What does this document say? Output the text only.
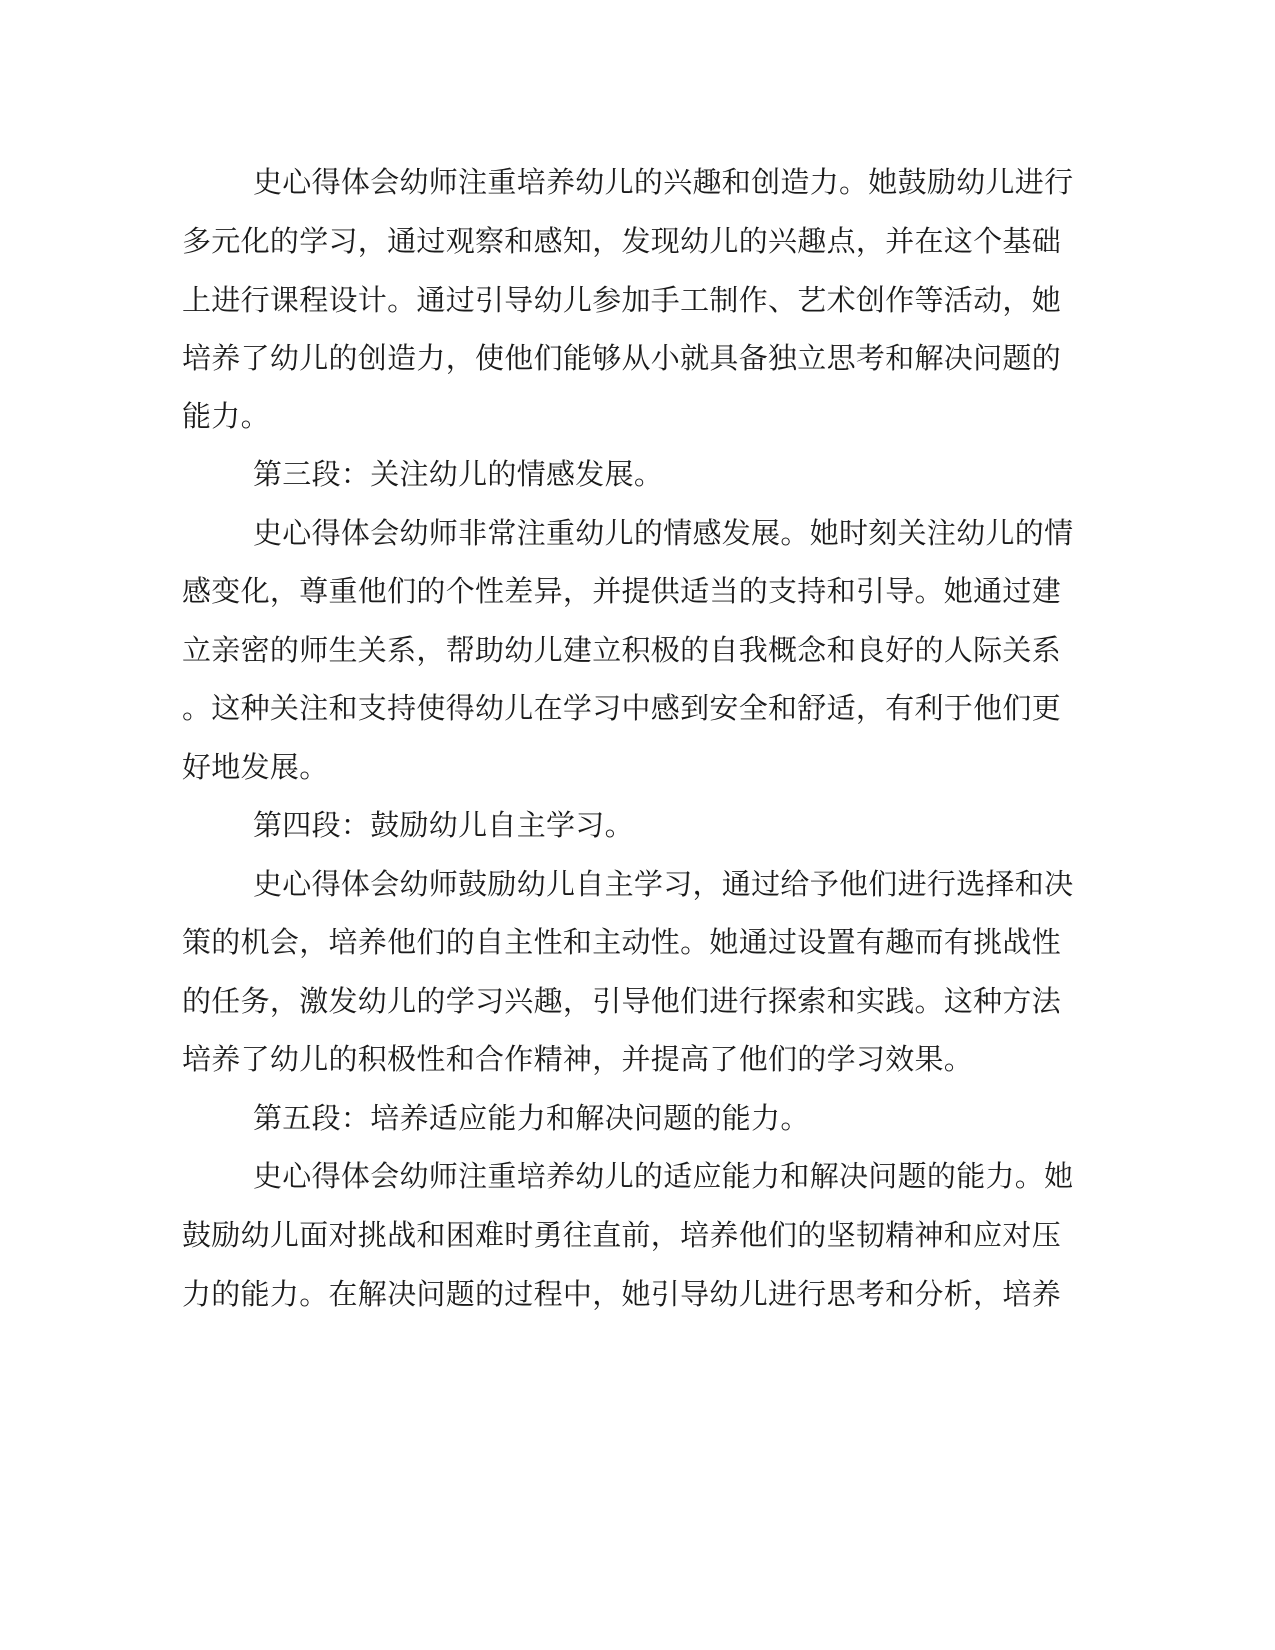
史心得体会幼师注重培养幼儿的兴趣和创造力。她鼓励幼儿进行
多元化的学习，通过观察和感知，发现幼儿的兴趣点，并在这个基础
上进行课程设计。通过引导幼儿参加手工制作、艺术创作等活动，她
培养了幼儿的创造力，使他们能够从小就具备独立思考和解决问题的
能力。
第三段：关注幼儿的情感发展。
史心得体会幼师非常注重幼儿的情感发展。她时刻关注幼儿的情
感变化，尊重他们的个性差异，并提供适当的支持和引导。她通过建
立亲密的师生关系，帮助幼儿建立积极的自我概念和良好的人际关系
。这种关注和支持使得幼儿在学习中感到安全和舒适，有利于他们更
好地发展。
第四段：鼓励幼儿自主学习。
史心得体会幼师鼓励幼儿自主学习，通过给予他们进行选择和决
策的机会，培养他们的自主性和主动性。她通过设置有趣而有挑战性
的任务，激发幼儿的学习兴趣，引导他们进行探索和实践。这种方法
培养了幼儿的积极性和合作精神，并提高了他们的学习效果。
第五段：培养适应能力和解决问题的能力。
史心得体会幼师注重培养幼儿的适应能力和解决问题的能力。她
鼓励幼儿面对挑战和困难时勇往直前，培养他们的坚韧精神和应对压
力的能力。在解决问题的过程中，她引导幼儿进行思考和分析，培养
